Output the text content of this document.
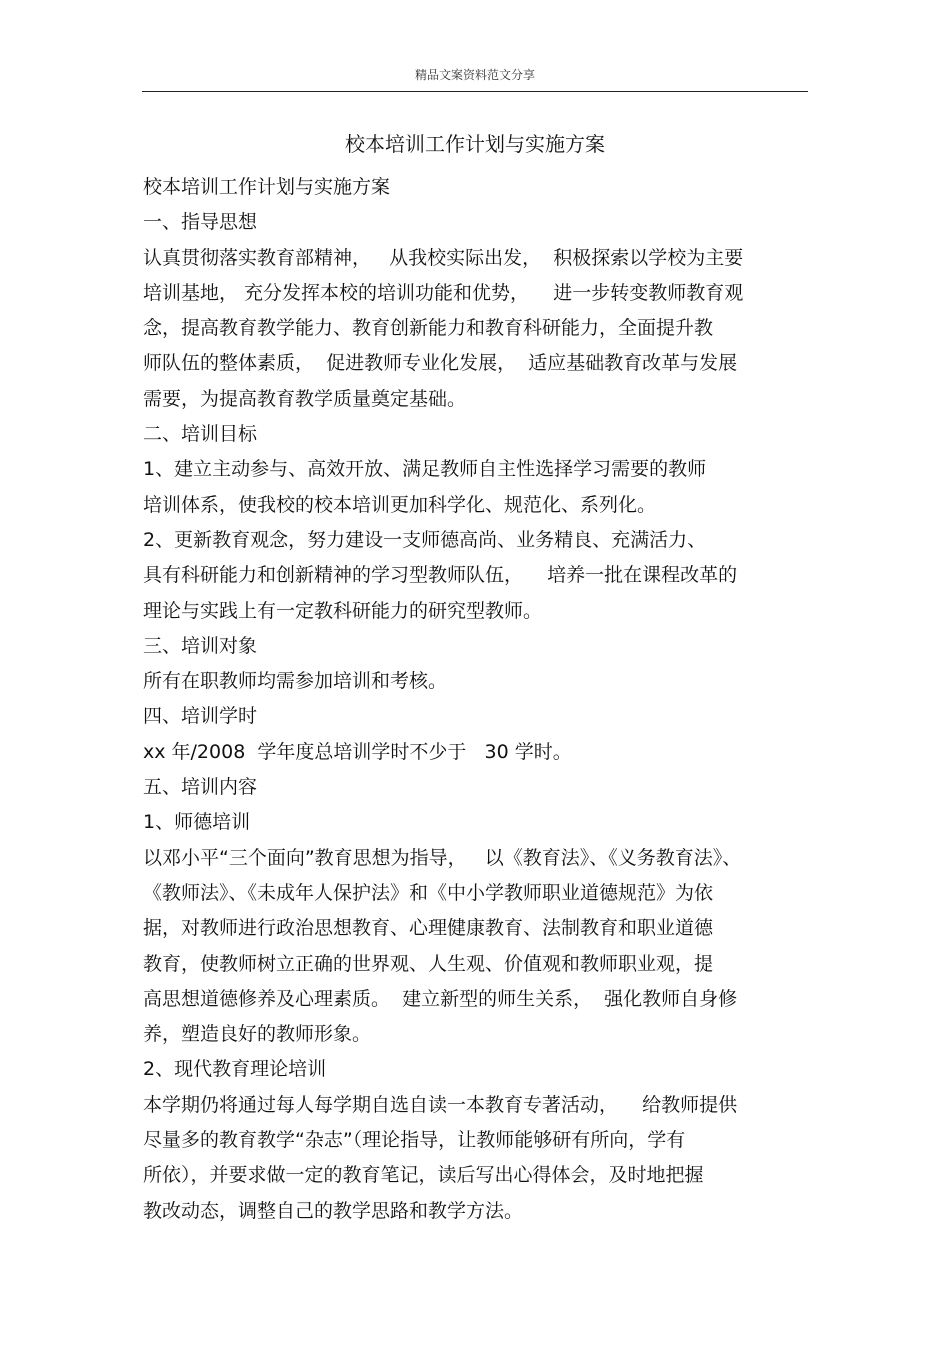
精品文案资料范文分享
校本培训工作计划与实施方案
校本培训工作计划与实施方案
一、指导思想
认真贯彻落实教育部精神，   从我校实际出发，  积极探索以学校为主要
培训基地， 充分发挥本校的培训功能和优势，    进一步转变教师教育观
念，提高教育教学能力、教育创新能力和教育科研能力，全面提升教
师队伍的整体素质，  促进教师专业化发展，  适应基础教育改革与发展
需要，为提高教育教学质量奠定基础。
二、培训目标
1、建立主动参与、高效开放、满足教师自主性选择学习需要的教师
培训体系，使我校的校本培训更加科学化、规范化、系列化。
2、更新教育观念，努力建设一支师德高尚、业务精良、充满活力、
具有科研能力和创新精神的学习型教师队伍，    培养一批在课程改革的
理论与实践上有一定教科研能力的研究型教师。
三、培训对象
所有在职教师均需参加培训和考核。
四、培训学时
xx 年/2008  学年度总培训学时不少于   30 学时。
五、培训内容
1、师德培训
以邓小平“三个面向”教育思想为指导，   以《教育法》、《义务教育法》、
《教师法》、《未成年人保护法》和《中小学教师职业道德规范》为依
据，对教师进行政治思想教育、心理健康教育、法制教育和职业道德
教育，使教师树立正确的世界观、人生观、价值观和教师职业观，提
高思想道德修养及心理素质。  建立新型的师生关系，  强化教师自身修
养，塑造良好的教师形象。
2、现代教育理论培训
本学期仍将通过每人每学期自选自读一本教育专著活动，    给教师提供
尽量多的教育教学“杂志”（理论指导，让教师能够研有所向，学有
所依），并要求做一定的教育笔记，读后写出心得体会，及时地把握
教改动态，调整自己的教学思路和教学方法。
